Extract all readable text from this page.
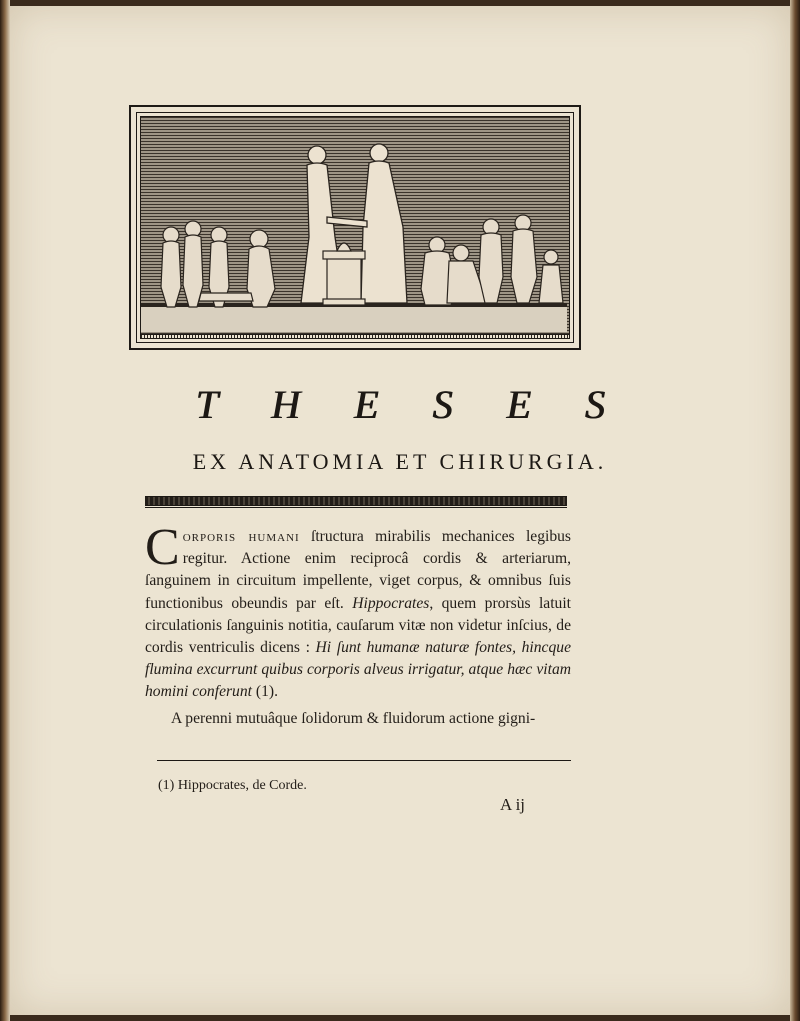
T H E S E S
EX ANATOMIA ET CHIRURGIA.

Corporis humani ſtructura mirabilis mechanices legibus regitur. Actione enim reciprocâ cordis & arteriarum, ſanguinem in circuitum impellente, viget corpus, & omnibus ſuis functionibus obeundis par eſt. Hippocrates, quem prorsùs latuit circulationis ſanguinis notitia, cauſarum vitæ non videtur inſcius, de cordis ventriculis dicens : Hi ſunt humanæ naturæ fontes, hincque flumina excurrunt quibus corporis alveus irrigatur, atque hæc vitam homini conferunt (1).

A perenni mutuâque ſolidorum & fluidorum actione gigni-

(1) Hippocrates, de Corde.
A ij
